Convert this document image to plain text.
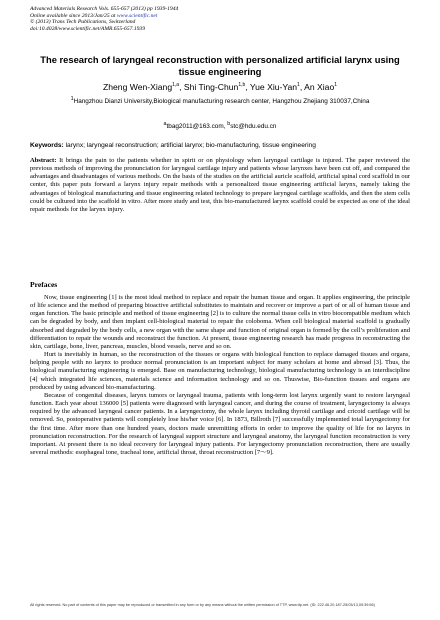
Advanced Materials Research Vols. 655-657 (2013) pp 1939-1944
Online available since 2013/Jan/25 at www.scientific.net
© (2013) Trans Tech Publications, Switzerland
doi:10.4028/www.scientific.net/AMR.655-657.1939
The research of laryngeal reconstruction with personalized artificial larynx using tissue engineering
Zheng Wen-Xiang$^{1,a}$, Shi Ting-Chun$^{1,b}$, Yue Xiu-Yan$^1$, An Xiao$^1$
$^1$Hangzhou Dianzi University,Biological manufacturing research center, Hangzhou Zhejiang 310037,China
$^a$tbag2011@163.com, $^b$stc@hdu.edu.cn
Keywords: larynx; laryngeal reconstruction; artificial larynx; bio-manufacturing, tissue engineering
Abstract: It brings the pain to the patients whether in spirit or on physiology when laryngeal cartilage is injured. The paper reviewed the previous methods of improving the pronunciation for laryngeal cartilage injury and patients whose larynxes have been cut off, and compared the advantages and disadvantages of various methods. On the basis of the studies on the artificial auricle scaffold, artificial spinal cord scaffold in our center, this paper puts forward a larynx injury repair methods with a personalized tissue engineering artificial larynx, namely taking the advantages of biological manufacturing and tissue engineering related technology to prepare laryngeal cartilage scaffolds, and then the stem cells could be cultured into the scaffold in vitro. After more study and test, this bio-manufactured larynx scaffold could be expected as one of the ideal repair methods for the larynx injury.
Prefaces

Now, tissue engineering [1] is the most ideal method to replace and repair the human tissue and organ. It applies engineering, the principle of life science and the method of preparing bioactive artificial substitutes to maintain and recover or improve a part of or all of human tissue and organ function. The basic principle and method of tissue engineering [2] is to culture the normal tissue cells in vitro biocompatible medium which can be degraded by body, and then implant cell-biological material to repair the coloboma. When cell biological material scaffold is gradually absorbed and degraded by the body cells, a new organ with the same shape and function of original organ is formed by the cell’s proliferation and differentiation to repair the wounds and reconstruct the function. At present, tissue engineering research has made progress in reconstructing the skin, cartilage, bone, liver, pancreas, muscles, blood vessels, nerve and so on.

Hurt is inevitably in human, so the reconstruction of the tissues or organs with biological function to replace damaged tissues and organs, helping people with no larynx to produce normal pronunciation is an important subject for many scholars at home and abroad [3]. Thus, the biological manufacturing engineering is emerged. Base on manufacturing technology, biological manufacturing technology is an interdiscipline [4] which integrated life sciences, materials science and information technology and so on. Thuswise, Bio-function tissues and organs are produced by using advanced bio-manufacturing.

Because of congenital diseases, larynx tumors or laryngeal trauma, patients with long-term lost larynx urgently want to restore laryngeal function. Each year about 136000 [5] patients were diagnosed with laryngeal cancer, and during the course of treatment, laryngectomy is always required by the advanced laryngeal cancer patients. In a laryngectomy, the whole larynx including thyroid cartilage and cricoid cartilage will be removed. So, postoperative patients will completely lose his/her voice [6]. In 1873, Billroth [7] successfully implemented total laryngectomy for the first time. After more than one hundred years, doctors made unremitting efforts in order to improve the quality of life for no larynx in pronunciation reconstruction. For the research of laryngeal support structure and laryngeal anatomy, the laryngeal function reconstruction is very important. At present there is no ideal recovery for laryngeal injury patients. For laryngectomy pronunciation reconstruction, there are usually several methods: esophageal tone, tracheal tone, artificial throat, throat reconstruction [7～9].

All rights reserved. No part of contents of this paper may be reproduced or transmitted in any form or by any means without the written permission of TTP, www.ttp.net. (ID: 222.46.20.187-25/03/13,09:39:56)
